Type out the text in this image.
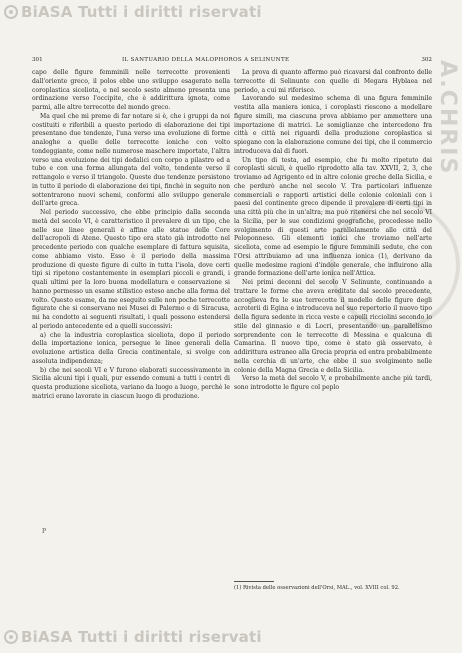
BiASA Tutti i diritti riservati
A.CHRIS
301	IL SANTUARIO DELLA MALOPHOROS A SELINUNTE	302

capo delle figure femminili nelle terrecotte provenienti dall'oriente greco, il polos ebbe uno sviluppo esagerato nella coroplastica siceliota, e nel secolo sesto almeno presenta una ordinazione verso l'occipite, che è addirittura ignota, come parmi, alle altre terrecotte del mondo greco.

Ma quel che mi preme di far notare si è, che i gruppi da noi costituiti e riferibili a questo periodo di elaborazione dei tipi presentano due tendenze, l'una verso una evoluzione di forme analoghe a quelle delle terrecotte ioniche con volto tondeggiante, come nelle numerose maschere importate, l'altra verso una evoluzione dei tipi dedalici con corpo a pilastro ed a tubo e con una forma allungata del volto, tendente verso il rettangolo e verso il triangolo. Queste due tendenze persistono in tutto il periodo di elaborazione dei tipi, finchè in seguito non sottentrarono nuovi schemi, conformi allo sviluppo generale dell'arte greca.

Nel periodo successivo, che ebbe principio dalla seconda metà del secolo VI, è caratteristico il prevalere di un tipo, che nelle sue linee generali è affine alle statue delle Core dell'acropoli di Atene. Questo tipo era stato già introdotto nel precedente periodo con qualche esemplare di fattura squisita, come abbiamo visto. Esso è il periodo della massima produzione di queste figure di culto in tutta l'isola, dove certi tipi si ripetono costantemente in esemplari piccoli e grandi, i quali ultimi per la loro buona modellatura e conservazione si hanno permesso un esame stilistico esteso anche alla forma del volto. Questo esame, da me eseguito sulle non poche terrecotte figurate che si conservano nei Musei di Palermo e di Siracusa, mi ha condotto ai seguenti risultati, i quali possono estendersi al periodo antecedente ed a quelli successivi:

a) che la industria coroplastica siceliota, dopo il periodo della importazione ionica, persegue le linee generali della evoluzione artistica della Grecia continentale, si svolge con assoluta indipendenza;

b) che nei secoli VI e V furono elaborati successivamente in Sicilia alcuni tipi i quali, pur essendo comuni a tutti i centri di questa produzione siceliota, variano da luogo a luogo, perchè le matrici erano lavorate in ciascun luogo di produzione.

La prova di quanto affermo può ricavarsi dal confronto delle terrecotte di Selinunte con quelle di Megara Hyblaea nel periodo, a cui mi riferisco.

Lavorando sul medesimo schema di una figura femminile vestita alla maniera ionica, i coroplasti riescono a modellare figure simili, ma ciascuna prova abbiamo per ammettere una importazione di matrici. Le somiglianze che intercedono fra città e città nei riguardi della produzione coroplastica si spiegano con la elaborazione comune dei tipi, che il commercio introduceva dal di fuori.

Un tipo di testa, ad esempio, che fu molto ripetuto dai coroplasti siculi, è quello riprodotto alla tav. XXVII, 2, 3, che troviamo ad Agrigento ed in altre colonie greche della Sicilia, e che perdurò anche nel secolo V. Tra particolari influenze commerciali e rapporti artistici delle colonie coloniali con i paesi del continente greco dipende il prevalere di certi tipi in una città più che in un'altra; ma può ritenersi che nel secolo VI la Sicilia, per le sue condizioni geografiche, procedesse nello svolgimento di questi arte parallelamente alle città del Peloponneso. Gli elementi ionici che troviamo nell'arte siceliota, come ad esempio le figure femminili sedute, che con l'Orsi attribuiamo ad una influenza ionica (1), derivano da quelle medesime ragioni d'indole generale, che influirono alla grande formazione dell'arte ionica nell'Attica.

Nei primi decenni del secolo V Selinunte, continuando a trattare le forme che aveva ereditate dal secolo precedente, accoglieva fra le sue terrecotte il modello delle figure degli acroterii di Egina e introduceva nel suo repertorio il nuovo tipo della figura sedente in ricca veste e capelli ricciolini secondo lo stile del ginnasio e di Locri, presentando un parallelismo sorprendente con le terrecotte di Messina e qualcuna di Camarina. Il nuovo tipo, come è stato già osservato, è addirittura estraneo alla Grecia propria ed entra probabilmente nella cerchia di un'arte, che ebbe il suo svolgimento nelle colonie della Magna Grecia e della Sicilia.

Verso la metà del secolo V, e probabilmente anche più tardi, sono introdotte le figure col peplo

(1) Rivista delle osservazioni dell'Orsi, MAL., vol. XVIII col. 92.
P
BiASA Tutti i diritti riservati
